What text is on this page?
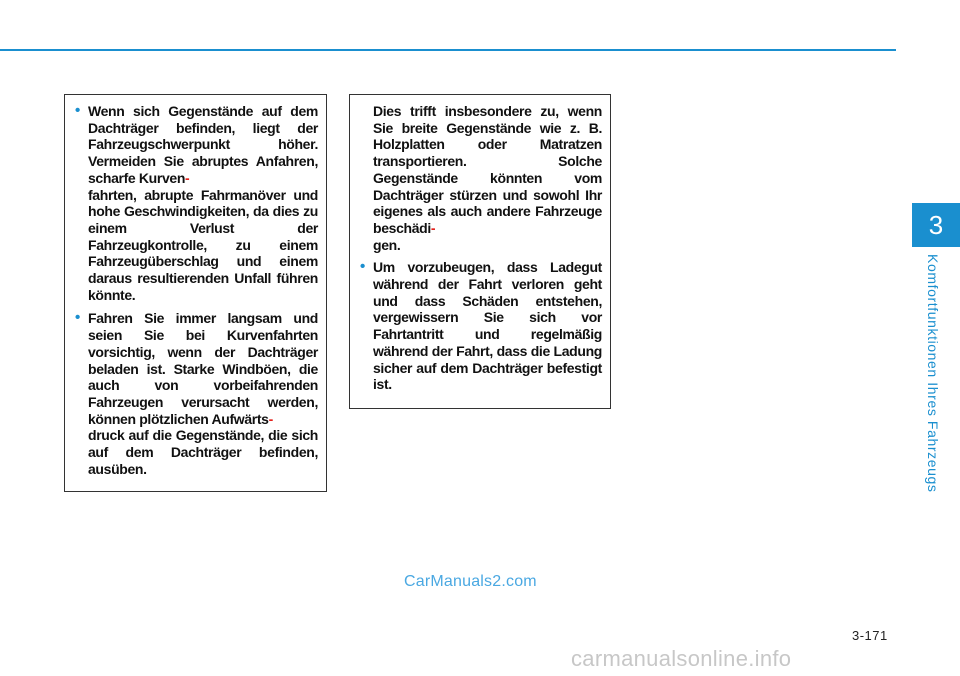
3
Komfortfunktionen Ihres Fahrzeugs
• Wenn sich Gegenstände auf dem Dachträger befinden, liegt der Fahrzeugschwerpunkt höher. Vermeiden Sie abruptes Anfahren, scharfe Kurven-
fahrten, abrupte Fahrmanöver und hohe Geschwindigkeiten, da dies zu einem Verlust der Fahrzeugkontrolle, zu einem Fahrzeugüberschlag und einem daraus resultierenden Unfall führen könnte.
• Fahren Sie immer langsam und seien Sie bei Kurvenfahrten vorsichtig, wenn der Dachträger beladen ist. Starke Windböen, die auch von vorbeifahrenden Fahrzeugen verursacht werden, können plötzlichen Aufwärts-
druck auf die Gegenstände, die sich auf dem Dachträger befinden, ausüben.
Dies trifft insbesondere zu, wenn Sie breite Gegenstände wie z. B. Holzplatten oder Matratzen transportieren. Solche Gegenstände könnten vom Dachträger stürzen und sowohl Ihr eigenes als auch andere Fahrzeuge beschädi-
gen.
• Um vorzubeugen, dass Ladegut während der Fahrt verloren geht und dass Schäden entstehen, vergewissern Sie sich vor Fahrtantritt und regelmäßig während der Fahrt, dass die Ladung sicher auf dem Dachträger befestigt ist.
CarManuals2.com
3-171
carmanualsonline.info
